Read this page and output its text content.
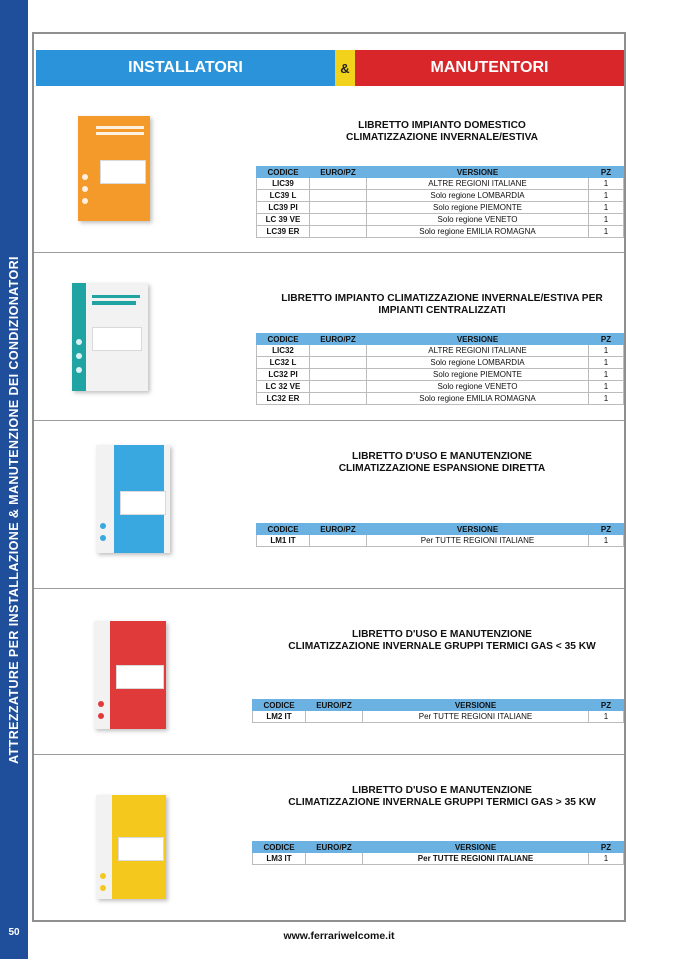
ATTREZZATURE PER INSTALLAZIONE & MANUTENZIONE DEI CONDIZIONATORI
50
INSTALLATORI	&	MANUTENTORI
LIBRETTO IMPIANTO DOMESTICO
CLIMATIZZAZIONE INVERNALE/ESTIVA
CODICE	EURO/PZ	VERSIONE	PZ
LIC39		ALTRE REGIONI ITALIANE	1
LC39 L		Solo regione LOMBARDIA	1
LC39 PI		Solo regione PIEMONTE	1
LC 39 VE		Solo regione VENETO	1
LC39 ER		Solo regione EMILIA ROMAGNA	1
LIBRETTO IMPIANTO CLIMATIZZAZIONE INVERNALE/ESTIVA PER
IMPIANTI CENTRALIZZATI
CODICE	EURO/PZ	VERSIONE	PZ
LIC32		ALTRE REGIONI ITALIANE	1
LC32 L		Solo regione LOMBARDIA	1
LC32 PI		Solo regione PIEMONTE	1
LC 32 VE		Solo regione VENETO	1
LC32 ER		Solo regione EMILIA ROMAGNA	1
LIBRETTO D'USO E MANUTENZIONE
CLIMATIZZAZIONE ESPANSIONE DIRETTA
CODICE	EURO/PZ	VERSIONE	PZ
LM1 IT		Per TUTTE REGIONI ITALIANE	1
LIBRETTO D'USO E MANUTENZIONE
CLIMATIZZAZIONE INVERNALE GRUPPI TERMICI GAS < 35 KW
CODICE	EURO/PZ	VERSIONE	PZ
LM2 IT		Per TUTTE REGIONI ITALIANE	1
LIBRETTO D'USO E MANUTENZIONE
CLIMATIZZAZIONE INVERNALE GRUPPI TERMICI GAS > 35 KW
CODICE	EURO/PZ	VERSIONE	PZ
LM3 IT		Per TUTTE REGIONI ITALIANE	1
www.ferrariwelcome.it
